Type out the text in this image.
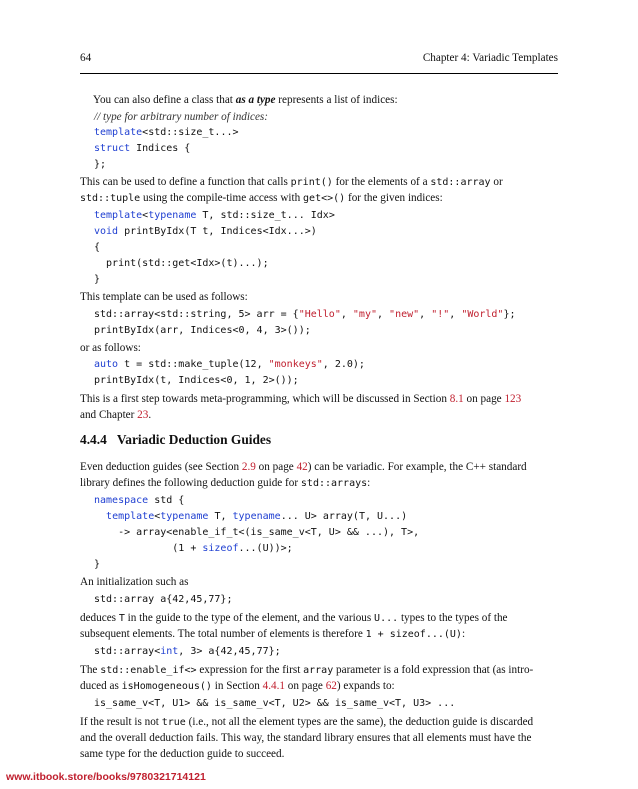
64	Chapter 4: Variadic Templates
You can also define a class that as a type represents a list of indices:
// type for arbitrary number of indices:
template<std::size_t...>
struct Indices {
};
This can be used to define a function that calls print() for the elements of a std::array or
std::tuple using the compile-time access with get<>() for the given indices:
template<typename T, std::size_t... Idx>
void printByIdx(T t, Indices<Idx...>)
{
print(std::get<Idx>(t)...);
}
This template can be used as follows:
std::array<std::string, 5> arr = {"Hello", "my", "new", "!", "World"};
printByIdx(arr, Indices<0, 4, 3>());
or as follows:
auto t = std::make_tuple(12, "monkeys", 2.0);
printByIdx(t, Indices<0, 1, 2>());
This is a first step towards meta-programming, which will be discussed in Section 8.1 on page 123
and Chapter 23.
4.4.4 Variadic Deduction Guides
Even deduction guides (see Section 2.9 on page 42) can be variadic. For example, the C++ standard
library defines the following deduction guide for std::arrays:
namespace std {
template<typename T, typename... U> array(T, U...)
-> array<enable_if_t<(is_same_v<T, U> && ...), T>,
(1 + sizeof...(U))>;
}
An initialization such as
std::array a{42,45,77};
deduces T in the guide to the type of the element, and the various U... types to the types of the
subsequent elements. The total number of elements is therefore 1 + sizeof...(U):
std::array<int, 3> a{42,45,77};
The std::enable_if<> expression for the first array parameter is a fold expression that (as intro-
duced as isHomogeneous() in Section 4.4.1 on page 62) expands to:
is_same_v<T, U1> && is_same_v<T, U2> && is_same_v<T, U3> ...
If the result is not true (i.e., not all the element types are the same), the deduction guide is discarded
and the overall deduction fails. This way, the standard library ensures that all elements must have the
same type for the deduction guide to succeed.
www.itbook.store/books/9780321714121
